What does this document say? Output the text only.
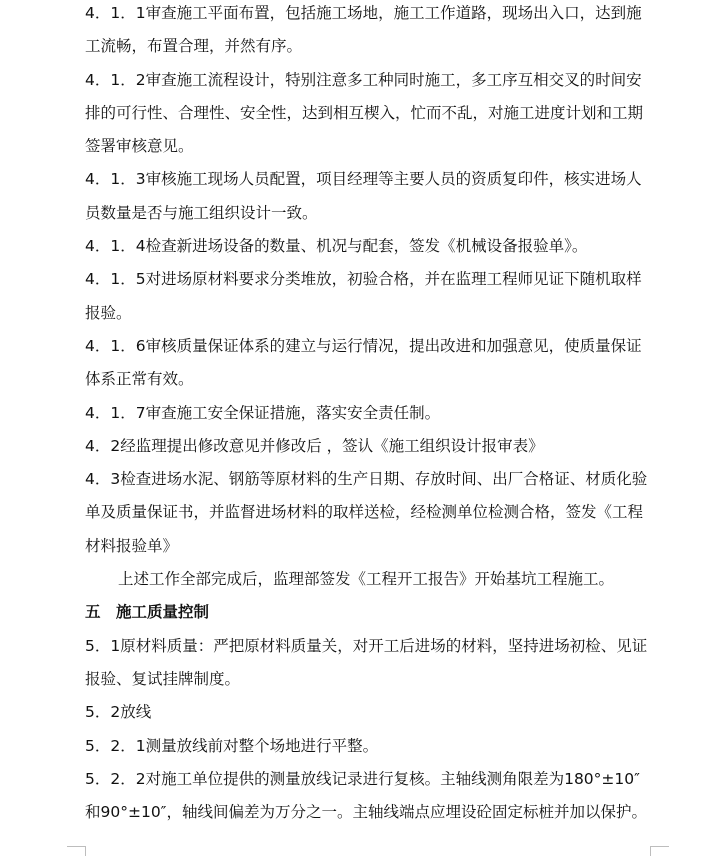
4．1．1审查施工平面布置，包括施工场地，施工工作道路，现场出入口，达到施工流畅，布置合理，并然有序。

4．1．2审查施工流程设计，特别注意多工种同时施工，多工序互相交叉的时间安排的可行性、合理性、安全性，达到相互楔入，忙而不乱，对施工进度计划和工期签署审核意见。

4．1．3审核施工现场人员配置，项目经理等主要人员的资质复印件，核实进场人员数量是否与施工组织设计一致。

4．1．4检查新进场设备的数量、机况与配套，签发《机械设备报验单》。

4．1．5对进场原材料要求分类堆放，初验合格，并在监理工程师见证下随机取样报验。

4．1．6审核质量保证体系的建立与运行情况，提出改进和加强意见，使质量保证体系正常有效。

4．1．7审查施工安全保证措施，落实安全责任制。

4．2经监理提出修改意见并修改后 ，签认《施工组织设计报审表》

4．3检查进场水泥、钢筋等原材料的生产日期、存放时间、出厂合格证、材质化验单及质量保证书，并监督进场材料的取样送检，经检测单位检测合格，签发《工程材料报验单》

上述工作全部完成后，监理部签发《工程开工报告》开始基坑工程施工。

五　施工质量控制

5．1原材料质量：严把原材料质量关，对开工后进场的材料，坚持进场初检、见证报验、复试挂牌制度。

5．2放线

5．2．1测量放线前对整个场地进行平整。

5．2．2对施工单位提供的测量放线记录进行复核。主轴线测角限差为180°±10″和90°±10″，轴线间偏差为万分之一。主轴线端点应埋设砼固定标桩并加以保护。
